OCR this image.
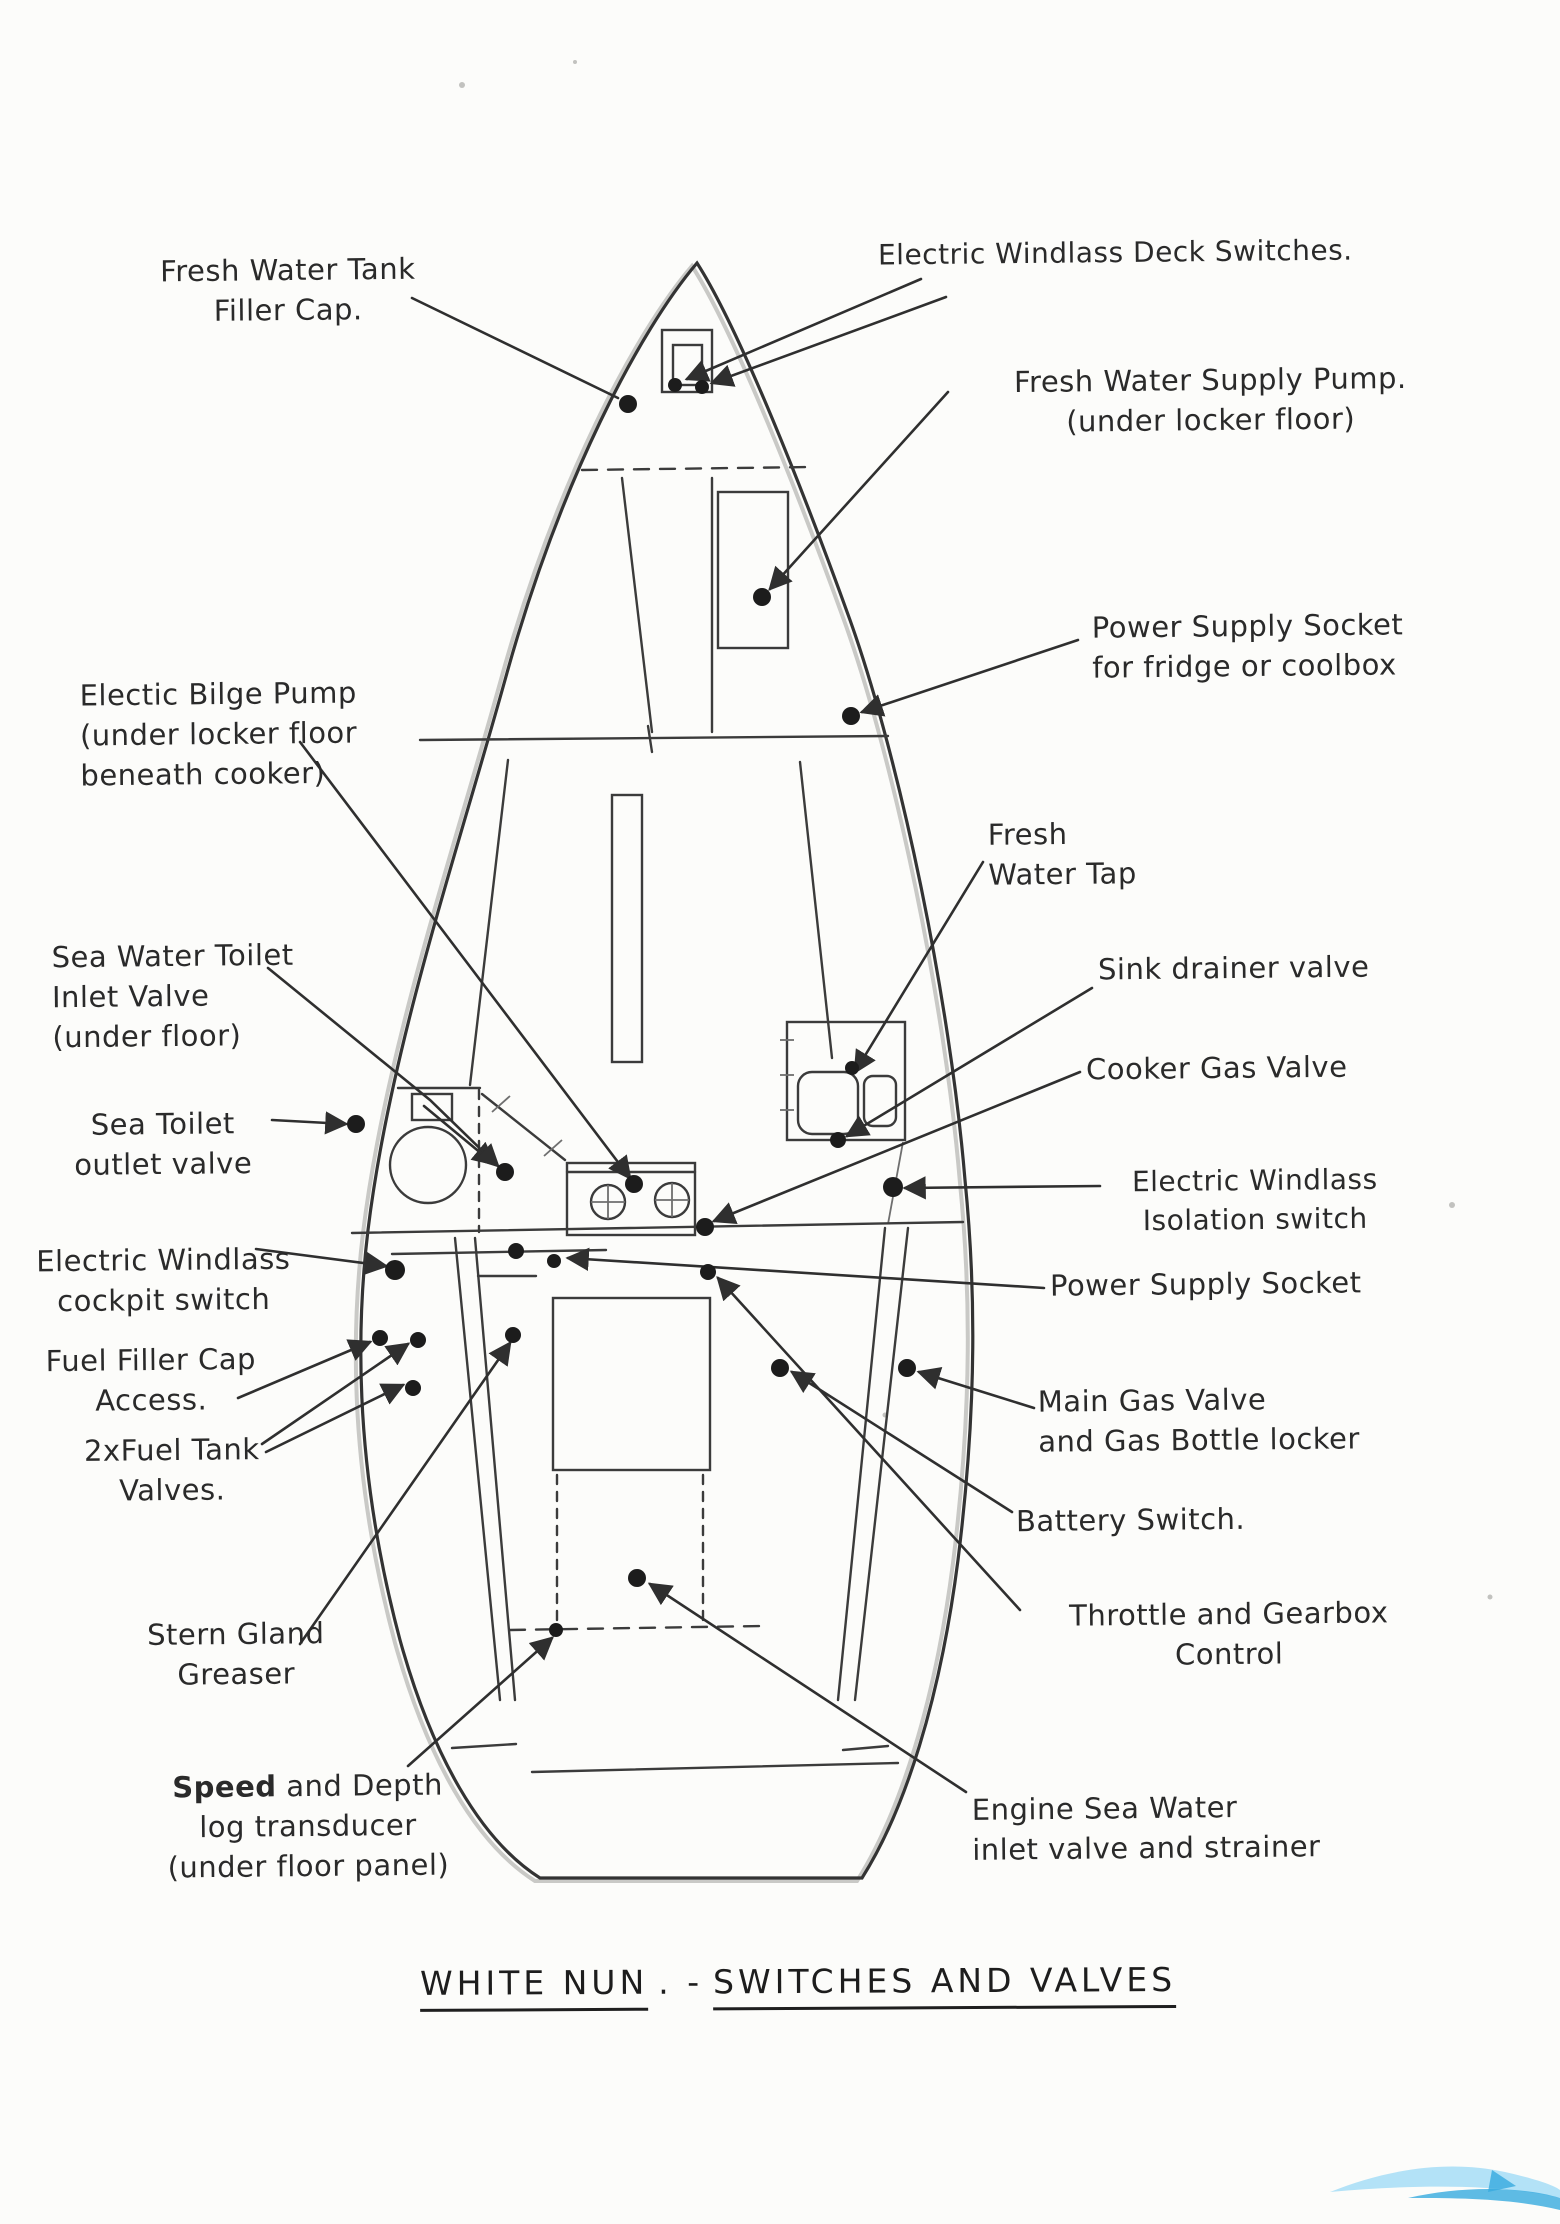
Fresh Water Tank
Filler Cap.
Electric Windlass Deck Switches.
Fresh Water Supply Pump.
(under locker floor)
Power Supply Socket
for fridge or coolbox
Electic Bilge Pump
(under locker floor
beneath cooker)
Fresh
Water Tap
Sink drainer valve
Sea Water Toilet
Inlet Valve
(under floor)
Cooker Gas Valve
Sea Toilet
outlet valve	Electric Windlass
Isolation switch
Electric Windlass
cockpit switch	Power Supply Socket
Fuel Filler Cap
Access.	Main Gas Valve
and Gas Bottle locker
2xFuel Tank
Valves.
Battery Switch.
Throttle and Gearbox
Control
Stern Gland
Greaser
Speed and Depth
log transducer
(under floor panel)
Engine Sea Water
inlet valve and strainer
WHITE NUN . - SWITCHES AND VALVES
